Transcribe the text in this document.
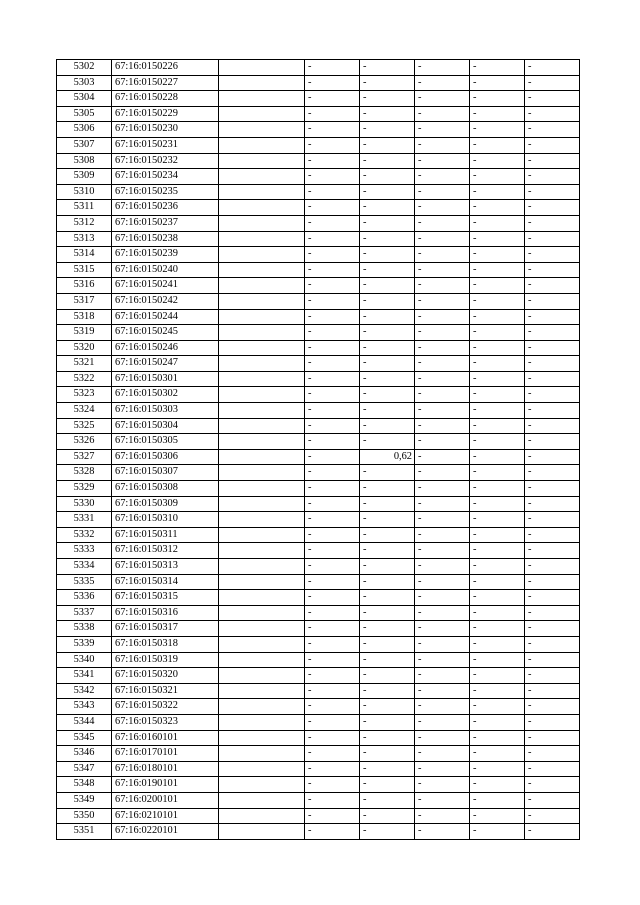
5302	67:16:0150226		-	-	-	-	-
5303	67:16:0150227		-	-	-	-	-
5304	67:16:0150228		-	-	-	-	-
5305	67:16:0150229		-	-	-	-	-
5306	67:16:0150230		-	-	-	-	-
5307	67:16:0150231		-	-	-	-	-
5308	67:16:0150232		-	-	-	-	-
5309	67:16:0150234		-	-	-	-	-
5310	67:16:0150235		-	-	-	-	-
5311	67:16:0150236		-	-	-	-	-
5312	67:16:0150237		-	-	-	-	-
5313	67:16:0150238		-	-	-	-	-
5314	67:16:0150239		-	-	-	-	-
5315	67:16:0150240		-	-	-	-	-
5316	67:16:0150241		-	-	-	-	-
5317	67:16:0150242		-	-	-	-	-
5318	67:16:0150244		-	-	-	-	-
5319	67:16:0150245		-	-	-	-	-
5320	67:16:0150246		-	-	-	-	-
5321	67:16:0150247		-	-	-	-	-
5322	67:16:0150301		-	-	-	-	-
5323	67:16:0150302		-	-	-	-	-
5324	67:16:0150303		-	-	-	-	-
5325	67:16:0150304		-	-	-	-	-
5326	67:16:0150305		-	-	-	-	-
5327	67:16:0150306		-	0,62	-	-	-
5328	67:16:0150307		-	-	-	-	-
5329	67:16:0150308		-	-	-	-	-
5330	67:16:0150309		-	-	-	-	-
5331	67:16:0150310		-	-	-	-	-
5332	67:16:0150311		-	-	-	-	-
5333	67:16:0150312		-	-	-	-	-
5334	67:16:0150313		-	-	-	-	-
5335	67:16:0150314		-	-	-	-	-
5336	67:16:0150315		-	-	-	-	-
5337	67:16:0150316		-	-	-	-	-
5338	67:16:0150317		-	-	-	-	-
5339	67:16:0150318		-	-	-	-	-
5340	67:16:0150319		-	-	-	-	-
5341	67:16:0150320		-	-	-	-	-
5342	67:16:0150321		-	-	-	-	-
5343	67:16:0150322		-	-	-	-	-
5344	67:16:0150323		-	-	-	-	-
5345	67:16:0160101		-	-	-	-	-
5346	67:16:0170101		-	-	-	-	-
5347	67:16:0180101		-	-	-	-	-
5348	67:16:0190101		-	-	-	-	-
5349	67:16:0200101		-	-	-	-	-
5350	67:16:0210101		-	-	-	-	-
5351	67:16:0220101		-	-	-	-	-
